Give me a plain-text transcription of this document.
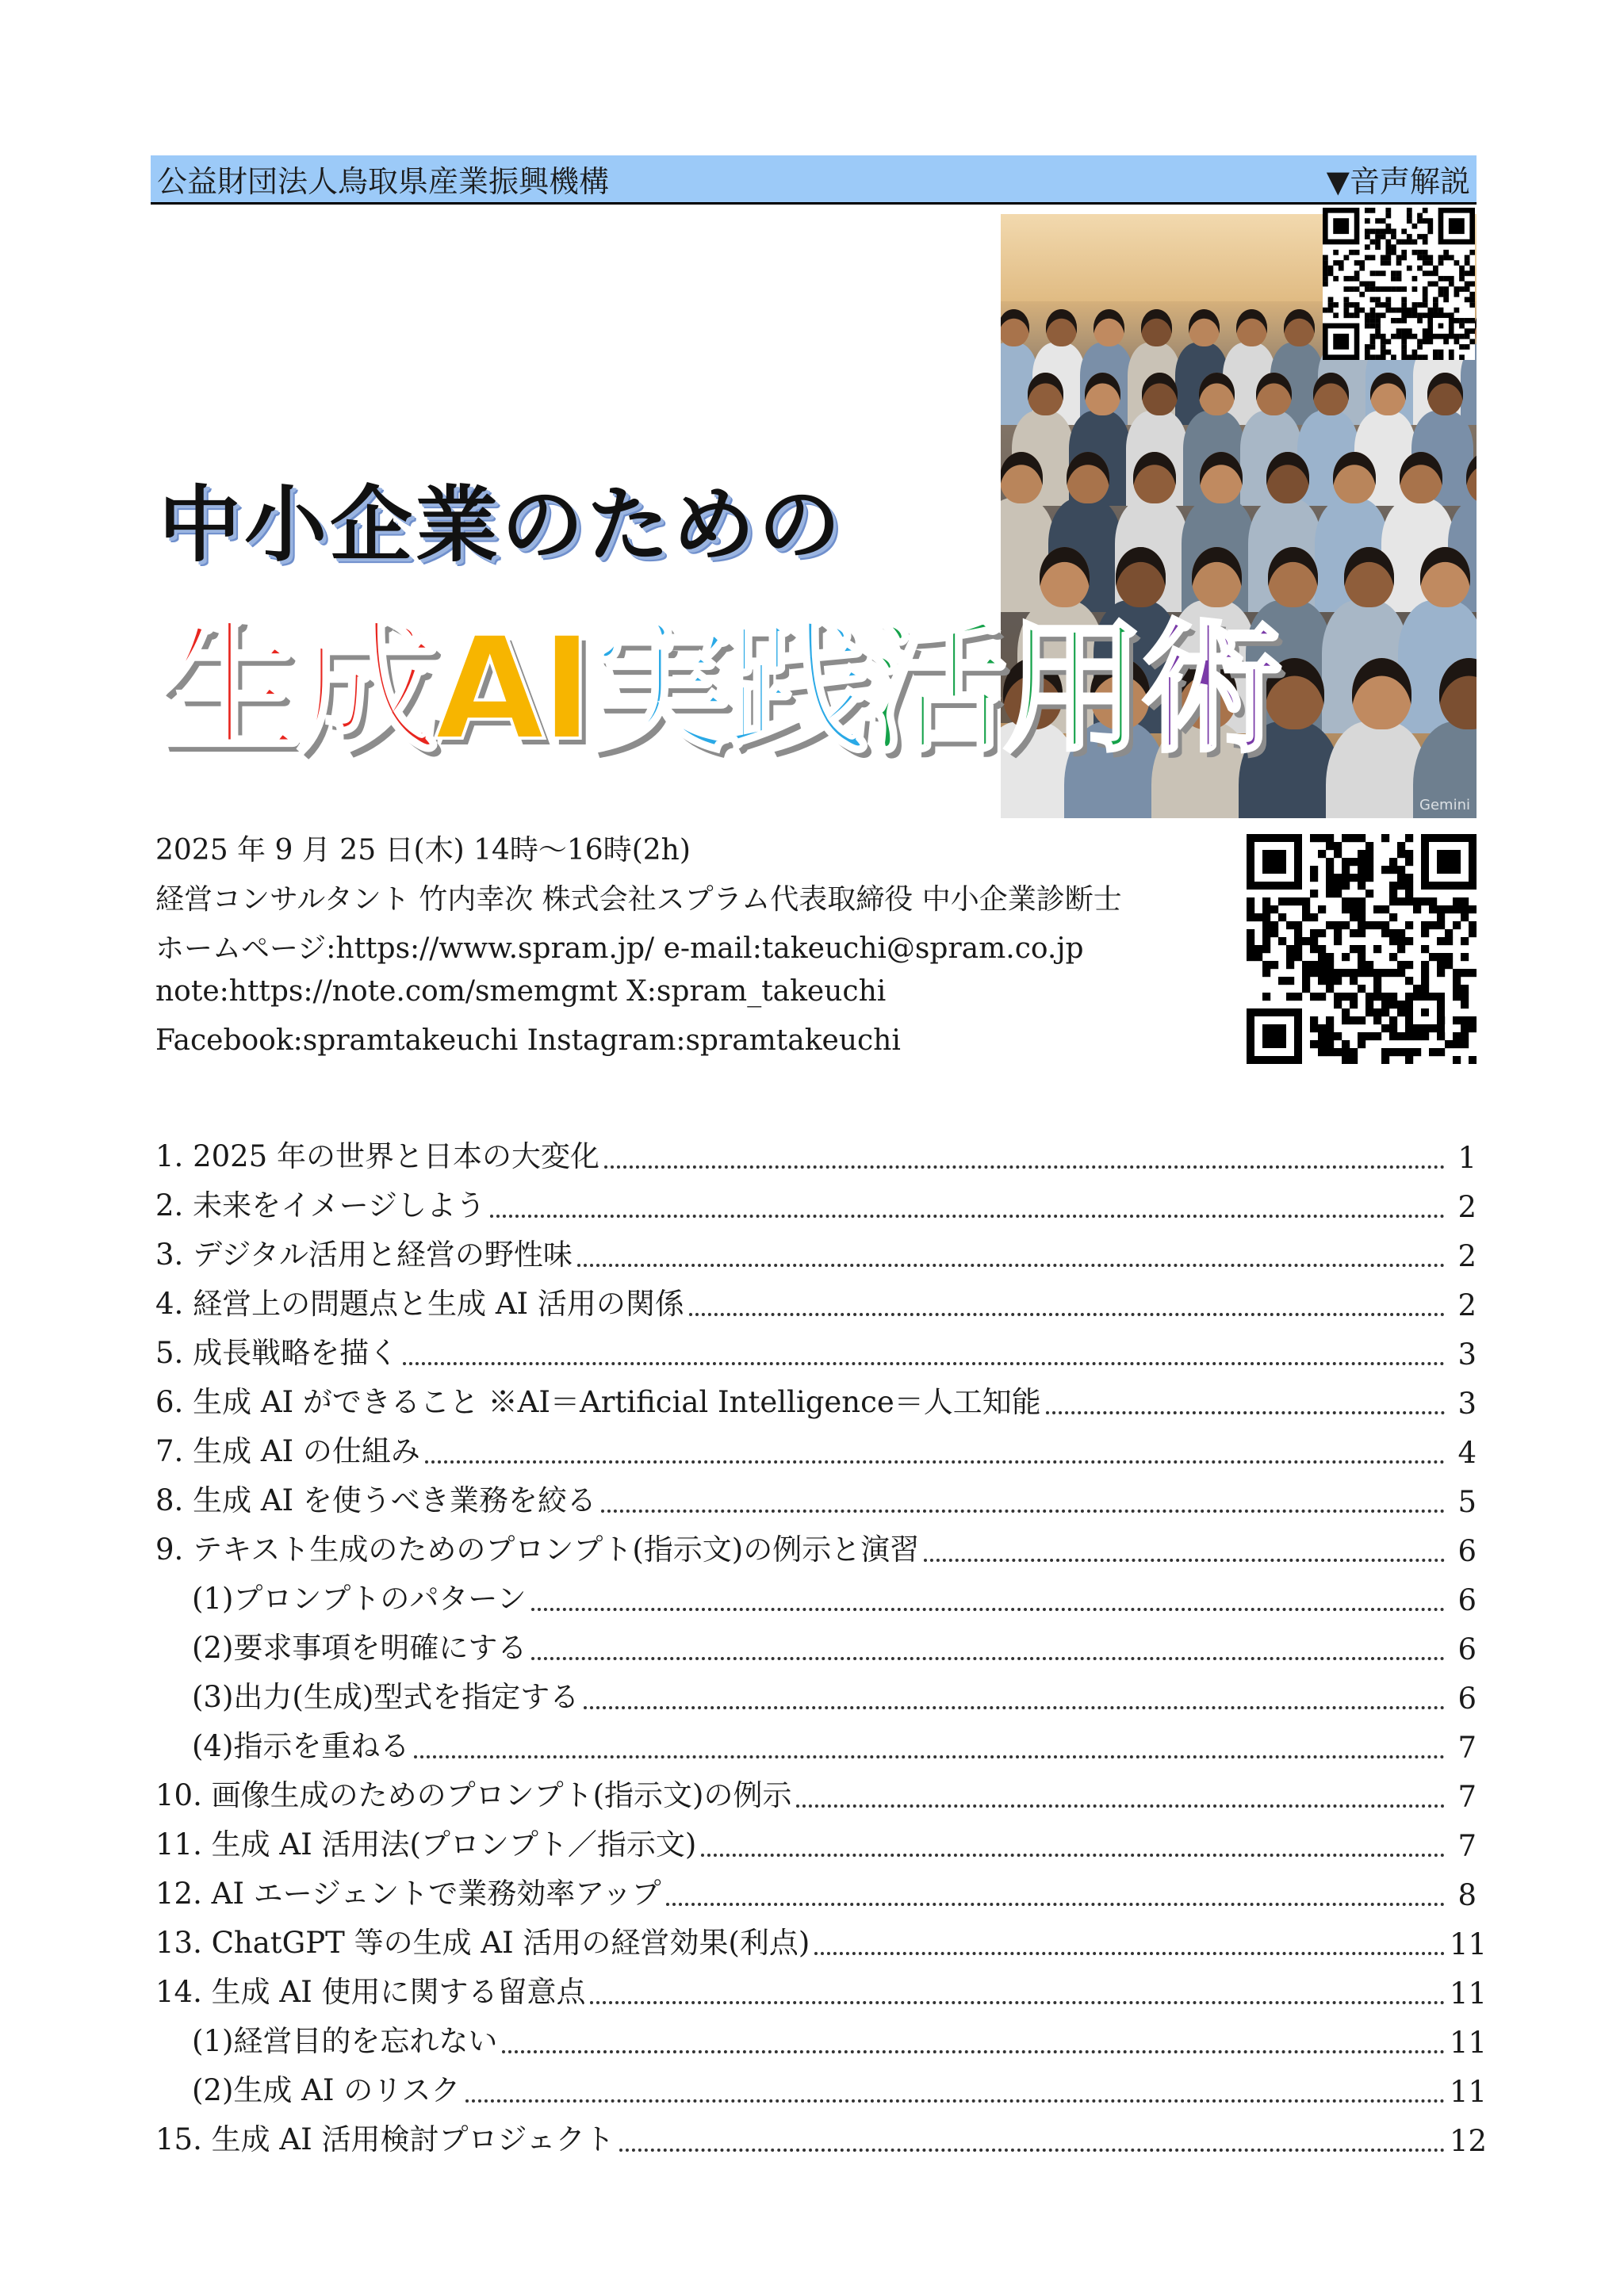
公益財団法人鳥取県産業振興機構	▼音声解説
Gemini
中小企業のための
生成AI実践活用術
2025 年 9 月 25 日(木) 14時～16時(2h)
経営コンサルタント 竹内幸次 株式会社スプラム代表取締役 中小企業診断士
ホームページ:https://www.spram.jp/ e-mail:takeuchi@spram.co.jp
note:https://note.com/smemgmt X:spram_takeuchi
Facebook:spramtakeuchi Instagram:spramtakeuchi
1. 2025 年の世界と日本の大変化	1
2. 未来をイメージしよう	2
3. デジタル活用と経営の野性味	2
4. 経営上の問題点と生成 AI 活用の関係	2
5. 成長戦略を描く	3
6. 生成 AI ができること ※AI＝Artificial Intelligence＝人工知能	3
7. 生成 AI の仕組み	4
8. 生成 AI を使うべき業務を絞る	5
9. テキスト生成のためのプロンプト(指示文)の例示と演習	6
(1)プロンプトのパターン	6
(2)要求事項を明確にする	6
(3)出力(生成)型式を指定する	6
(4)指示を重ねる	7
10. 画像生成のためのプロンプト(指示文)の例示	7
11. 生成 AI 活用法(プロンプト／指示文)	7
12. AI エージェントで業務効率アップ	8
13. ChatGPT 等の生成 AI 活用の経営効果(利点)	11
14. 生成 AI 使用に関する留意点	11
(1)経営目的を忘れない	11
(2)生成 AI のリスク	11
15. 生成 AI 活用検討プロジェクト	12
